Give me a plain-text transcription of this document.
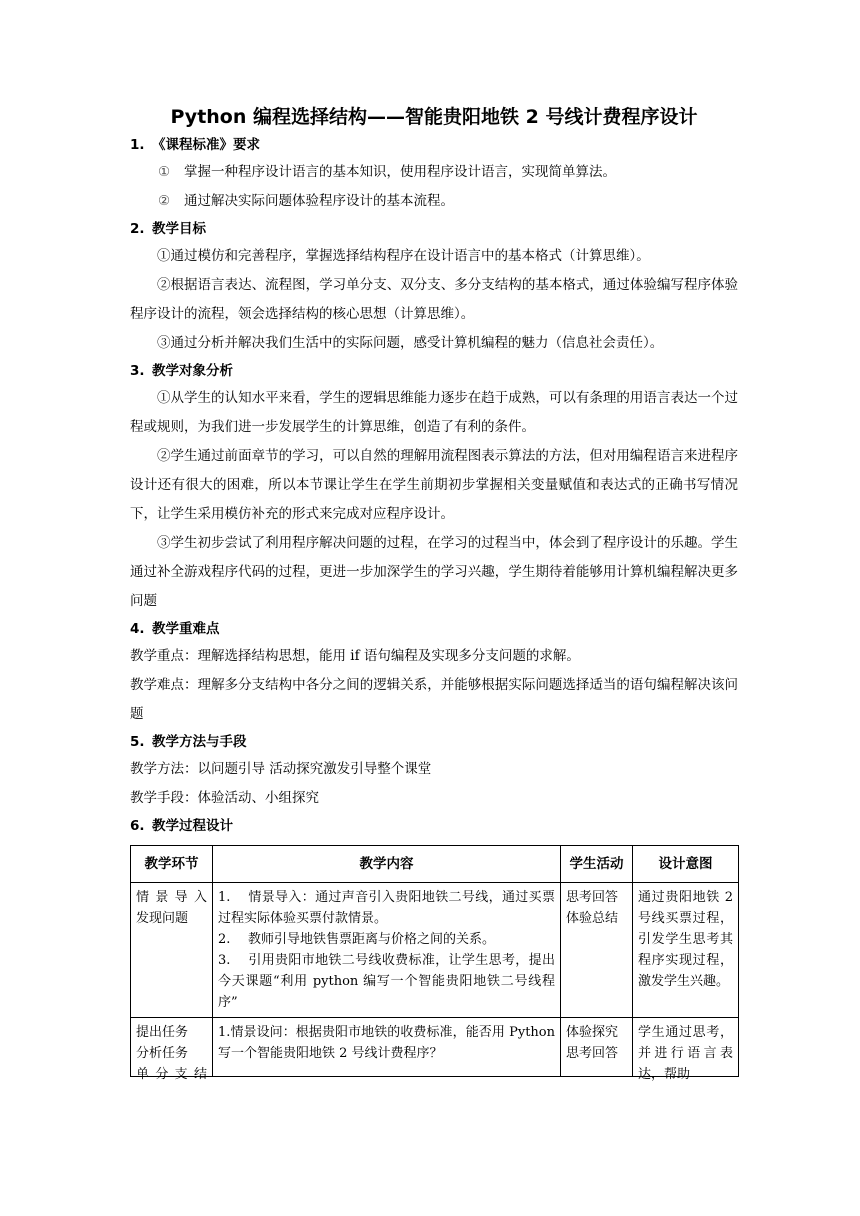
Python 编程选择结构——智能贵阳地铁 2 号线计费程序设计
1. 《课程标准》要求

① 掌握一种程序设计语言的基本知识，使用程序设计语言，实现简单算法。

② 通过解决实际问题体验程序设计的基本流程。

2. 教学目标

①通过模仿和完善程序，掌握选择结构程序在设计语言中的基本格式（计算思维）。

②根据语言表达、流程图，学习单分支、双分支、多分支结构的基本格式，通过体验编写程序体验程序设计的流程，领会选择结构的核心思想（计算思维）。

③通过分析并解决我们生活中的实际问题，感受计算机编程的魅力（信息社会责任）。

3. 教学对象分析

①从学生的认知水平来看，学生的逻辑思维能力逐步在趋于成熟，可以有条理的用语言表达一个过程或规则，为我们进一步发展学生的计算思维，创造了有利的条件。

②学生通过前面章节的学习，可以自然的理解用流程图表示算法的方法，但对用编程语言来进程序设计还有很大的困难，所以本节课让学生在学生前期初步掌握相关变量赋值和表达式的正确书写情况下，让学生采用模仿补充的形式来完成对应程序设计。

③学生初步尝试了利用程序解决问题的过程，在学习的过程当中，体会到了程序设计的乐趣。学生通过补全游戏程序代码的过程，更进一步加深学生的学习兴趣，学生期待着能够用计算机编程解决更多问题

4. 教学重难点

教学重点：理解选择结构思想，能用 if 语句编程及实现多分支问题的求解。

教学难点：理解多分支结构中各分之间的逻辑关系，并能够根据实际问题选择适当的语句编程解决该问题

5. 教学方法与手段

教学方法：以问题引导 活动探究激发引导整个课堂

教学手段：体验活动、小组探究

6. 教学过程设计
教学环节	教学内容	学生活动	设计意图

情景导入
发现问题	1. 情景导入：通过声音引入贵阳地铁二号线，通过买票过程实际体验买票付款情景。
2. 教师引导地铁售票距离与价格之间的关系。
3. 引用贵阳市地铁二号线收费标准，让学生思考，提出今天课题“利用 python 编写一个智能贵阳地铁二号线程序”	思考回答
体验总结	通过贵阳地铁 2 号线买票过程，引发学生思考其程序实现过程，激发学生兴趣。

提出任务
分析任务
单分支结	1.情景设问：根据贵阳市地铁的收费标准，能否用 Python 写一个智能贵阳地铁 2 号线计费程序？	体验探究
思考回答	学生通过思考，并进行语言表达，帮助
